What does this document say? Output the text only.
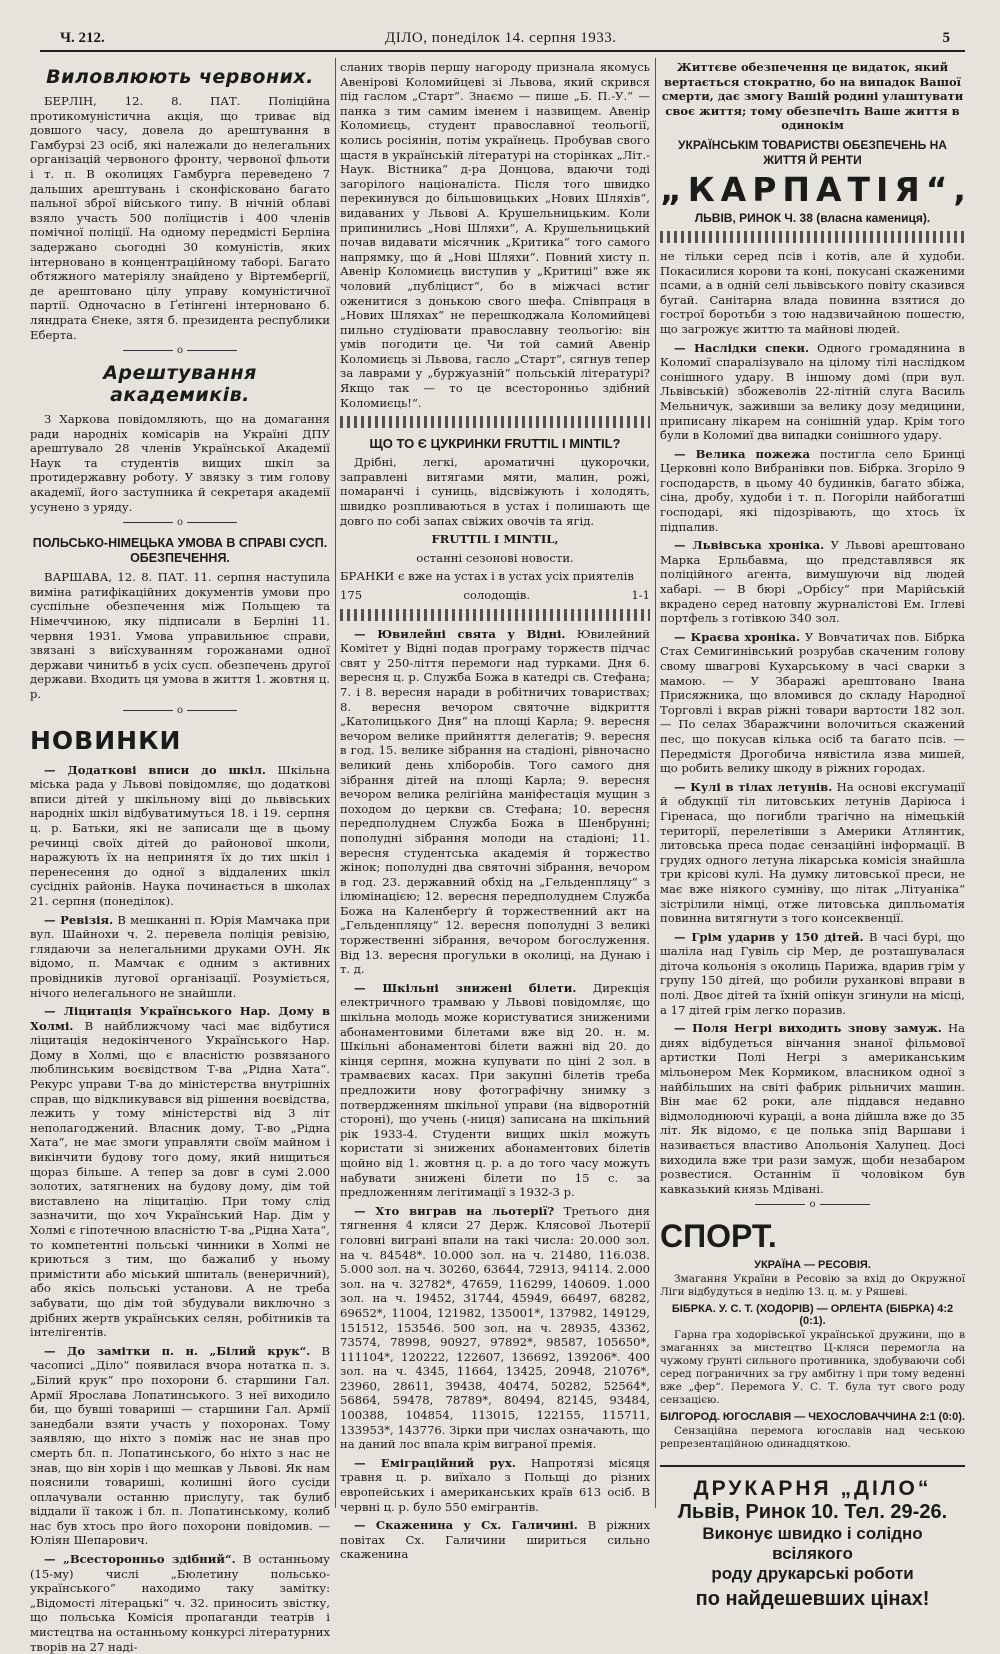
Ч. 212.	ДІЛО, понеділок 14. серпня 1933.	5
Виловлюють червоних.

БЕРЛІН, 12. 8. ПАТ. Поліційна протикомуністична акція, що триває від довшого часу, довела до арештування в Гамбурзі 23 осіб, які належали до нелегальних організацій червоного фронту, червоної фльоти і т. п. В околицях Гамбурга переведено 7 дальших арештувань і сконфісковано багато пальної зброї війського типу. В нічній облаві взяло участь 500 полїцистів і 400 членів помічної поліції. На одному передмісті Берліна задержано сьогодні 30 комуністів, яких інтерновано в концентраційному таборі. Багато обтяжного матеріялу знайдено у Віртембергії, де арештовано цілу управу комуністичної партії. Одночасно в Ґетінгені інтерновано б. ляндрата Єнеке, зятя б. президента республики Еберта.

o
Арештування академиків.

З Харкова повідомляють, що на домагання ради народніх комісарів на Україні ДПУ арештувало 28 членів Української Академії Наук та студентів вищих шкіл за протидержавну роботу. У звязку з тим голову академії, його заступника й секретаря академії усунено з уряду.

o
ПОЛЬСЬКО-НІМЕЦЬКА УМОВА В СПРАВІ СУСП. ОБЕЗПЕЧЕННЯ.

ВАРШАВА, 12. 8. ПАТ. 11. серпня наступила виміна ратифікаційних документів умови про суспільне обезпечення між Польщею та Німеччиною, яку підписали в Берліні 11. червня 1931. Умова управильнює справи, звязані з виїсхуванням горожанами одної держави чинитьб в усіх сусп. обезпечень другої держави. Входить ця умова в життя 1. жовтня ц. р.

o
НОВИНКИ

— Додаткові вписи до шкіл. Шкільна міська рада у Львові повідомляє, що додаткові вписи дітей у шкільному віці до львівських народніх шкіл відбуватимуться 18. і 19. серпня ц. р. Батьки, які не записали ще в цьому речинці своїх дітей до районової школи, наражують їх на непринятя їх до тих шкіл і перенесення до одної з віддалених шкіл сусідніх районів. Наука починається в школах 21. серпня (понеділок).

— Ревізія. В мешканні п. Юрія Мамчака при вул. Шайнохи ч. 2. перевела поліція ревізію, глядаючи за нелегальними друками ОУН. Як відомо, п. Мамчак є одним з активних провідників лугової організації. Розуміється, нічого нелегального не знайшли.

— Ліцитація Українського Нар. Дому в Холмі. В найближчому часі має відбутися ліцитація недокінченого Українського Нар. Дому в Холмі, що є власністю розвязаного люблинським воєвідством Т-ва „Рідна Хата“. Рекурс управи Т-ва до міністерства внутрішніх справ, що відкликувався від рішення воєвідства, лежить у тому міністерстві від 3 літ неполагоджений. Власник дому, Т-во „Рідна Хата“, не має змоги управляти своїм майном і викінчити будову того дому, який нищиться щораз більше. А тепер за довг в сумі 2.000 золотих, затягнених на будову дому, дім той виставлено на ліцитацію. При тому слід зазначити, що хоч Український Нар. Дім у Холмі є гіпотечною власністю Т-ва „Рідна Хата“, то компетентні польські чинники в Холмі не криються з тим, що бажалиб у ньому примістити або міський шпиталь (венеричний), або якісь польські установи. А не треба забувати, що дім той збудували виключно з дрібних жертв українських селян, робітників та інтелігентів.

— До замітки п. н. „Білий крук“. В часописі „Діло“ появилася вчора нотатка п. з. „Білий крук“ про похорони б. старшини Гал. Армії Ярослава Лопатинського. З неї виходило би, що бувші товариші — старшини Гал. Армії занедбали взяти участь у похоронах. Тому заявляю, що ніхто з поміж нас не знав про смерть бл. п. Лопатинського, бо ніхто з нас не знав, що він хорів і що мешкав у Львові. Як нам пояснили товариші, колишні його сусіди оплачували останню прислугу, так булиб віддали її також і бл. п. Лопатинському, колиб нас був хтось про його похорони повідомив. — Юліян Шепарович.

— „Всесторонньо здібний“. В останньому (15-му) числі „Бюлетину польсько-українського“ находимо таку замітку: „Відомості літерацькі“ ч. 32. приносить звістку, що польська Комісія пропаганди театрів і мистецтва на останньому конкурсі літературних творів на 27 наді-

сланих творів першу нагороду признала якомусь Авенірові Коломийцеві зі Львова, який скрився під гаслом „Старт“. Знаємо — пише „Б. П.-У.“ — панка з тим самим іменем і назвищем. Авенір Коломиєць, студент православної теольогії, колись росіянін, потім українець. Пробував свого щастя в українській літературі на сторінках „Літ.-Наук. Вістника“ д-ра Донцова, вдаючи тоді загорілого націоналіста. Після того швидко перекинувся до більшовицьких „Нових Шляхів“, видаваних у Львові А. Крушельницьким. Коли припинились „Нові Шляхи“, А. Крушельницький почав видавати місячник „Критика“ того самого напрямку, що й „Нові Шляхи“. Повний хисту п. Авенір Коломиєць виступив у „Критиці“ вже як чоловий „публіцист“, бо в міжчасі встиг оженитися з донькою свого шефа. Співпраця в „Нових Шляхах“ не перешкоджала Коломийцеві пильно студіювати православну теольогію: він умів погодити це. Чи той самий Авенір Коломиєць зі Львова, гасло „Старт“, сягнув тепер за лаврами у „буржуазній“ польській літературі? Якщо так — то це всесторонньо здібний Коломиєць!“.

ЩО ТО Є ЦУКРИНКИ FRUTTIL I MINTIL?

Дрібні, легкі, ароматичні цукорочки, заправлені витягами мяти, малин, рожі, помаранчі і суниць, відсвіжують і холодять, швидко розпливаються в устах і полишають ще довго по собі запах свіжих овочів та ягід.

FRUTTIL I MINTIL,

останні сезонові новости.

БРАНКИ є вже на устах і в устах усіх приятелів

175	солодощів.	1-1

— Ювилейні свята у Відні. Ювилейний Комітет у Відні подав програму торжеств підчас свят у 250-ліття перемоги над турками. Дня 6. вересня ц. р. Служба Божа в катедрі св. Стефана; 7. і 8. вересня наради в робітничих товариствах; 8. вересня вечором святочне відкриття „Католицького Дня“ на площі Карла; 9. вересня вечором велике прийняття делегатів; 9. вересня в год. 15. велике зібрання на стадіоні, рівночасно великий день хліборобів. Того самого дня зібрання дітей на площі Карла; 9. вересня вечором велика релігійна маніфестація мущин з походом до церкви св. Стефана; 10. вересня передполуднем Служба Божа в Шенбрунні; пополудні зібрання молоди на стадіоні; 11. вересня студентська академія й торжество жінок; пополудні два святочні зібрання, вечором в год. 23. державний обхід на „Гельденпляцу“ з ілюмінацією; 12. вересня передполуднем Служба Божа на Каленберґу й торжественний акт на „Гельденпляцу“ 12. вересня пополудні 3 великі торжественні зібрання, вечором богослуження. Від 13. вересня прогульки в околиці, на Дунаю і т. д.

— Шкільні знижені білети. Дирекція електричного трамваю у Львові повідомляє, що шкільна молодь може користуватися зниженими абонаментовими білетами вже від 20. н. м. Шкільні абонаментові білети важні від 20. до кінця серпня, можна купувати по ціні 2 зол. в трамваєвих касах. При закупні білетів треба предложити нову фотографічну знимку з потвердженням шкільної управи (на відворотній стороні), що учень (-ниця) записана на шкільний рік 1933-4. Студенти вищих шкіл можуть користати зі знижених абонаментових білетів щойно від 1. жовтня ц. р. а до того часу можуть набувати знижені білети по 15 с. за предложенням легітимації з 1932-3 р.

— Хто виграв на льотерії? Третього дня тягнення 4 кляси 27 Держ. Клясової Льотерії головні виграні впали на такі числа: 20.000 зол. на ч. 84548*. 10.000 зол. на ч. 21480, 116.038. 5.000 зол. на ч. 30260, 63644, 72913, 94114. 2.000 зол. на ч. 32782*, 47659, 116299, 140609. 1.000 зол. на ч. 19452, 31744, 45949, 66497, 68282, 69652*, 11004, 121982, 135001*, 137982, 149129, 151512, 153546. 500 зол. на ч. 28935, 43362, 73574, 78998, 90927, 97892*, 98587, 105650*, 111104*, 120222, 122607, 136692, 139206*. 400 зол. на ч. 4345, 11664, 13425, 20948, 21076*, 23960, 28611, 39438, 40474, 50282, 52564*, 56864, 59478, 78789*, 80494, 82145, 93484, 100388, 104854, 113015, 122155, 115711, 133953*, 143776. Зірки при числах означають, що на даний лос впала крім виграної премія.

— Еміграційний рух. Напротязі місяця травня ц. р. виїхало з Польщі до різних европейських і американських країв 613 осіб. В червні ц. р. було 550 емігрантів.

— Скаженина у Сх. Галичині. В ріжних повітах Сх. Галичини шириться сильно скаженина

Життєве обезпечення це видаток, який вертається стократно, бо на випадок Вашої смерти, дає змогу Вашій родині улаштувати своє життя; тому обезпечіть Ваше життя в одинокім
УКРАЇНСЬКІМ ТОВАРИСТВІ ОБЕЗПЕЧЕНЬ НА ЖИТТЯ Й РЕНТИ
„КАРПАТІЯ“,
ЛЬВІВ, РИНОК Ч. 38 (власна камениця).

не тільки серед псів і котів, але й худоби. Покасилися корови та коні, покусані скаженими псами, а в одній селі львівського повіту сказився бугай. Санітарна влада повинна взятися до гострої боротьби з тою надзвичайною пошестю, що загрожує життю та майнові людей.

— Наслідки спеки. Одного громадянина в Коломиї спаралізувало на цілому тілі наслідком сонішного удару. В іншому домі (при вул. Львівській) збожеволів 22-літній слуга Василь Мельничук, заживши за велику дозу медицини, приписану лікарем на сонішній удар. Крім того були в Коломиї два випадки сонішного удару.

— Велика пожежа постигла село Бринці Церковні коло Вибранівки пов. Бібрка. Згоріло 9 господарств, в цьому 40 будинків, багато збіжа, сіна, дробу, худоби і т. п. Погоріли найбогатші господарі, які підозрівають, що хтось їх підпалив.

— Львівська хроніка. У Львові арештовано Марка Ерльбавма, що представлявся як поліційного агента, вимушуючи від людей хабарі. — В бюрі „Орбісу“ при Марійській вкрадено серед натовпу журналістові Ем. Іглеві портфель з готівкою 340 зол.

— Краєва хроніка. У Вовчатичах пов. Бібрка Стах Семигинівський розрубав скаченим голову свому швагрові Кухарському в часі сварки з мамою. — У Збаражі арештовано Івана Присяжника, що вломився до складу Народної Торговлі і вкрав ріжні товари вартости 182 зол. — По селах Збаражчини волочиться скажений пес, що покусав кілька осіб та багато псів. — Передмістя Дрогобича нявістила язва мишей, що робить велику шкоду в ріжних городах.

— Кулі в тілах летунів. На основі ексгумації й обдукції тіл литовських летунів Даріюса і Гіренаса, що погибли трагічно на німецькій території, перелетівши з Америки Атлянтик, литовська преса подає сензаційні інформації. В грудях одного летуна лікарська комісія знайшла три крісові кулі. На думку литовської преси, не має вже ніякого сумніву, що літак „Літуаніка“ зістрілили німці, отже литовська дипльоматія повинна витягнути з того консеквенції.

— Грім ударив у 150 дітей. В часі бурі, що шаліла над Гувіль сір Мер, де розташувалася діточа кольонія з околиць Парижа, вдарив грім у групу 150 дітей, що робили руханкові вправи в полі. Двоє дітей та їхній опікун згинули на місці, а 17 дітей грім легко поразив.

— Поля Негрі виходить знову замуж. На днях відбудеться вінчання знаної фільмової артистки Полі Негрі з американським мільонером Мек Кормиком, власником одної з найбільших на світі фабрик рільничих машин. Він має 62 роки, але піддався недавно відмолоднюючі кураціі, а вона дійшла вже до 35 літ. Як відомо, є це полька зпід Варшави і називається властиво Апольонія Халупец. Досі виходила вже три рази замуж, щоби незабаром розвестися. Останнім її чоловіком був кавказький князь Мдівані.

o
СПОРТ.
УКРАЇНА — РЕСОВІЯ.
Змагання України в Ресовію за вхід до Окружної Ліги відбудуться в неділю 13. ц. м. у Ряшеві.
БІБРКА. У. С. Т. (ХОДОРІВ) — ОРЛЕНТА (БІБРКА) 4:2 (0:1).
Гарна гра ходорівської української дружини, що в змаганнях за мистецтво Ц-кляси перемогла на чужому ґрунті сильного противника, здобуваючи собі серед пограничних за гру амбітну і при тому веденні вже „фер“. Перемога У. С. Т. була тут свого роду сензацією.
БІЛГОРОД. ЮГОСЛАВІЯ — ЧЕХОСЛОВАЧЧИНА 2:1 (0:0).
Сензаційна перемога югославів над чеською репрезентаційною одинадцяткою.
ДРУКАРНЯ „ДІЛО“
Львів, Ринок 10. Тел. 29-26.
Виконує швидко і солідно всілякого
роду друкарські роботи
по найдешевших цінах!
